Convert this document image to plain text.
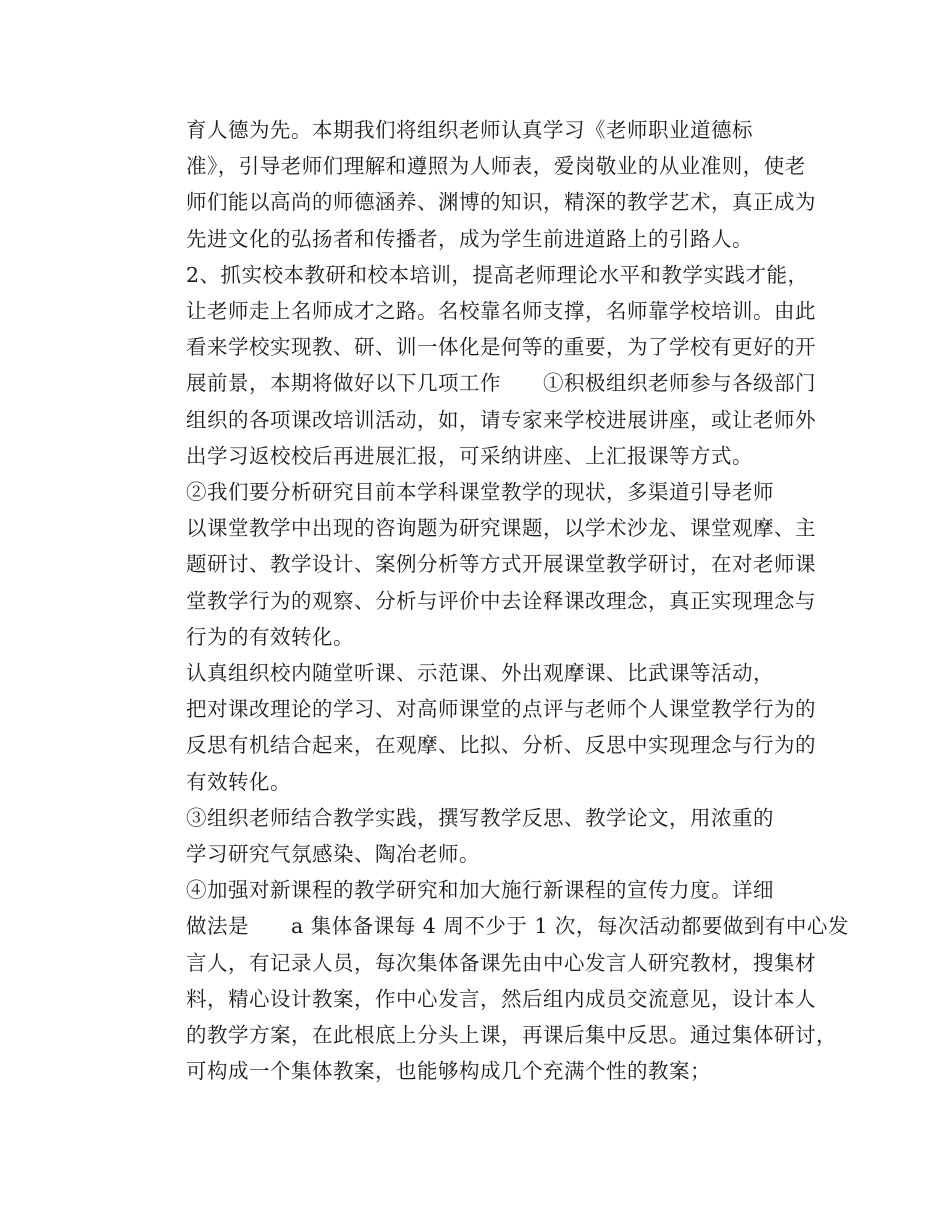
育人德为先。本期我们将组织老师认真学习《老师职业道德标
准》，引导老师们理解和遵照为人师表，爱岗敬业的从业准则，使老
师们能以高尚的师德涵养、渊博的知识，精深的教学艺术，真正成为
先进文化的弘扬者和传播者，成为学生前进道路上的引路人。
2、抓实校本教研和校本培训，提高老师理论水平和教学实践才能，
让老师走上名师成才之路。名校靠名师支撑，名师靠学校培训。由此
看来学校实现教、研、训一体化是何等的重要，为了学校有更好的开
展前景，本期将做好以下几项工作　　①积极组织老师参与各级部门
组织的各项课改培训活动，如，请专家来学校进展讲座，或让老师外
出学习返校校后再进展汇报，可采纳讲座、上汇报课等方式。
②我们要分析研究目前本学科课堂教学的现状，多渠道引导老师
以课堂教学中出现的咨询题为研究课题，以学术沙龙、课堂观摩、主
题研讨、教学设计、案例分析等方式开展课堂教学研讨，在对老师课
堂教学行为的观察、分析与评价中去诠释课改理念，真正实现理念与
行为的有效转化。
认真组织校内随堂听课、示范课、外出观摩课、比武课等活动，
把对课改理论的学习、对高师课堂的点评与老师个人课堂教学行为的
反思有机结合起来，在观摩、比拟、分析、反思中实现理念与行为的
有效转化。
③组织老师结合教学实践，撰写教学反思、教学论文，用浓重的
学习研究气氛感染、陶冶老师。
④加强对新课程的教学研究和加大施行新课程的宣传力度。详细
做法是　　a 集体备课每 4 周不少于 1 次，每次活动都要做到有中心发
言人，有记录人员，每次集体备课先由中心发言人研究教材，搜集材
料，精心设计教案，作中心发言，然后组内成员交流意见，设计本人
的教学方案，在此根底上分头上课，再课后集中反思。通过集体研讨，
可构成一个集体教案，也能够构成几个充满个性的教案；
